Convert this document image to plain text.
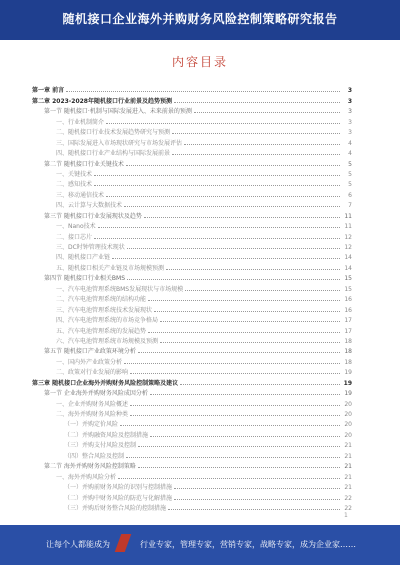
随机接口企业海外并购财务风险控制策略研究报告
内容目录
第一章 前言	3
第二章 2023-2028年随机接口行业前景及趋势预测	3
第一节 随机接口·机制与国际发展进入、未来前景的预测	3
一、行业机制简介	3
二、随机接口行业技术发展趋势研究与预测	3
三、国际发展进入市场现状研究与市场发展评估	4
四、随机接口行业产业结构与国际发展前景	4
第二节 随机接口行业关键技术	5
一、关键技术	5
二、感知技术	5
三、移动通信技术	6
四、云计算与大数据技术	7
第三节 随机接口行业发展现状及趋势	11
一、Nano技术	11
二、接口芯片	12
三、DC时钟管理技术现状	12
四、随机接口产业链	14
五、随机接口相关产业链及市场规模预测	14
第四节 随机接口行业相关BMS	15
一、汽车电池管理系统BMS发展现状与市场规模	15
二、汽车电池管理系统的结构功能	16
三、汽车电池管理系统技术发展现状	16
四、汽车电池管理系统的市场竞争格局	17
五、汽车电池管理系统的发展趋势	17
六、汽车电池管理系统市场规模及预测	18
第五节 随机接口产业政策环境分析	18
一、国内外产业政策分析	18
二、政策对行业发展的影响	19
第三章 随机接口企业海外并购财务风险控制策略及建议	19
第一节 企业海外并购财务风险成因分析	19
一、企业并购财务风险概述	20
二、海外并购财务风险种类	20
（一）并购定价风险	20
（二）并购融资风险及控制措施	20
（三）并购支付风险及控制	21
（四）整合风险及控制	21
第二节 海外并购财务风险控制策略	21
一、海外并购风险分析	21
（一）并购前财务风险的识别与控制措施	21
（二）并购中财务风险的防范与化解措施	22
（三）并购后财务整合风险的控制措施	22
1
让每个人都能成为	行业专家，管理专家，营销专家，战略专家，成为企业家……
